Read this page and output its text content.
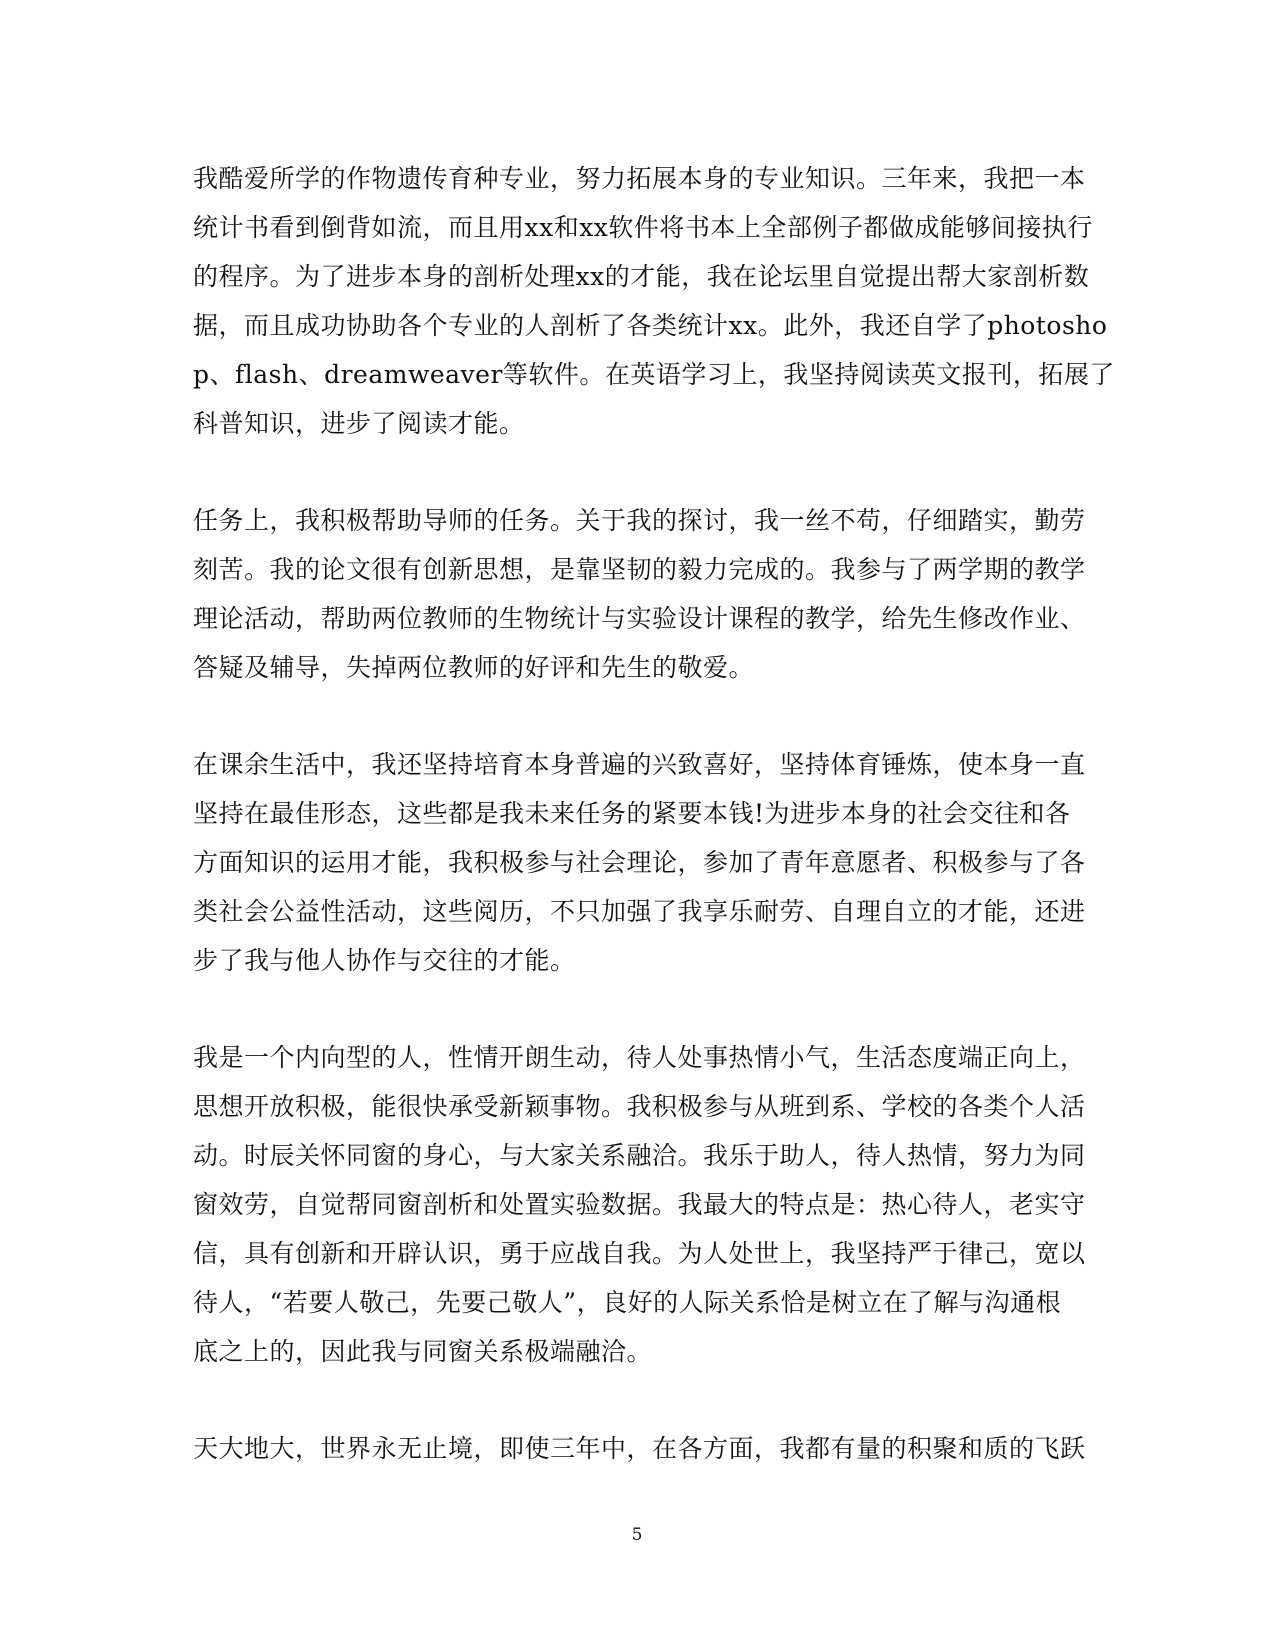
我酷爱所学的作物遗传育种专业，努力拓展本身的专业知识。三年来，我把一本
统计书看到倒背如流，而且用xx和xx软件将书本上全部例子都做成能够间接执行
的程序。为了进步本身的剖析处理xx的才能，我在论坛里自觉提出帮大家剖析数
据，而且成功协助各个专业的人剖析了各类统计xx。此外，我还自学了photosho
p、flash、dreamweaver等软件。在英语学习上，我坚持阅读英文报刊，拓展了
科普知识，进步了阅读才能。
任务上，我积极帮助导师的任务。关于我的探讨，我一丝不苟，仔细踏实，勤劳
刻苦。我的论文很有创新思想，是靠坚韧的毅力完成的。我参与了两学期的教学
理论活动，帮助两位教师的生物统计与实验设计课程的教学，给先生修改作业、
答疑及辅导，失掉两位教师的好评和先生的敬爱。
在课余生活中，我还坚持培育本身普遍的兴致喜好，坚持体育锤炼，使本身一直
坚持在最佳形态，这些都是我未来任务的紧要本钱!为进步本身的社会交往和各
方面知识的运用才能，我积极参与社会理论，参加了青年意愿者、积极参与了各
类社会公益性活动，这些阅历，不只加强了我享乐耐劳、自理自立的才能，还进
步了我与他人协作与交往的才能。
我是一个内向型的人，性情开朗生动，待人处事热情小气，生活态度端正向上，
思想开放积极，能很快承受新颖事物。我积极参与从班到系、学校的各类个人活
动。时辰关怀同窗的身心，与大家关系融洽。我乐于助人，待人热情，努力为同
窗效劳，自觉帮同窗剖析和处置实验数据。我最大的特点是：热心待人，老实守
信，具有创新和开辟认识，勇于应战自我。为人处世上，我坚持严于律己，宽以
待人，“若要人敬己，先要己敬人”，良好的人际关系恰是树立在了解与沟通根
底之上的，因此我与同窗关系极端融洽。
天大地大，世界永无止境，即使三年中，在各方面，我都有量的积聚和质的飞跃
5
